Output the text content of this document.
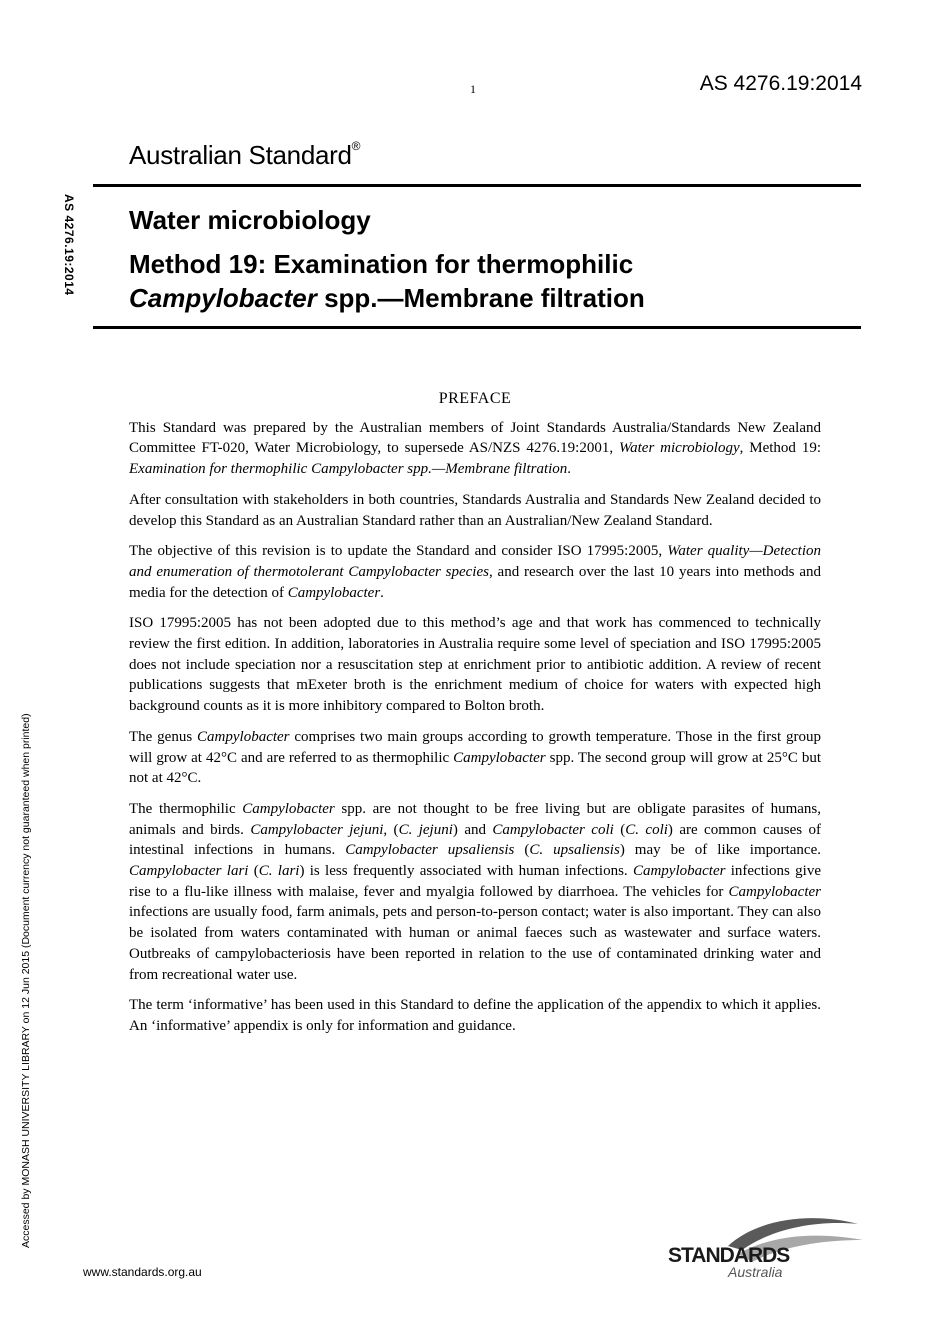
1	AS 4276.19:2014
Australian Standard®
AS 4276.19:2014 Water microbiology
Method 19: Examination for thermophilic
Campylobacter spp.—Membrane filtration
Accessed by MONASH UNIVERSITY LIBRARY on 12 Jun 2015 (Document currency not guaranteed when printed)
PREFACE

This Standard was prepared by the Australian members of Joint Standards Australia/Standards New Zealand Committee FT-020, Water Microbiology, to supersede AS/NZS 4276.19:2001, Water microbiology, Method 19: Examination for thermophilic Campylobacter spp.—Membrane filtration.

After consultation with stakeholders in both countries, Standards Australia and Standards New Zealand decided to develop this Standard as an Australian Standard rather than an Australian/New Zealand Standard.

The objective of this revision is to update the Standard and consider ISO 17995:2005, Water quality—Detection and enumeration of thermotolerant Campylobacter species, and research over the last 10 years into methods and media for the detection of Campylobacter.

ISO 17995:2005 has not been adopted due to this method’s age and that work has commenced to technically review the first edition. In addition, laboratories in Australia require some level of speciation and ISO 17995:2005 does not include speciation nor a resuscitation step at enrichment prior to antibiotic addition. A review of recent publications suggests that mExeter broth is the enrichment medium of choice for waters with expected high background counts as it is more inhibitory compared to Bolton broth.

The genus Campylobacter comprises two main groups according to growth temperature. Those in the first group will grow at 42°C and are referred to as thermophilic Campylobacter spp. The second group will grow at 25°C but not at 42°C.

The thermophilic Campylobacter spp. are not thought to be free living but are obligate parasites of humans, animals and birds. Campylobacter jejuni, (C. jejuni) and Campylobacter coli (C. coli) are common causes of intestinal infections in humans. Campylobacter upsaliensis (C. upsaliensis) may be of like importance. Campylobacter lari (C. lari) is less frequently associated with human infections. Campylobacter infections give rise to a flu-like illness with malaise, fever and myalgia followed by diarrhoea. The vehicles for Campylobacter infections are usually food, farm animals, pets and person-to-person contact; water is also important. They can also be isolated from waters contaminated with human or animal faeces such as wastewater and surface waters. Outbreaks of campylobacteriosis have been reported in relation to the use of contaminated drinking water and from recreational water use.

The term ‘informative’ has been used in this Standard to define the application of the appendix to which it applies. An ‘informative’ appendix is only for information and guidance.

www.standards.org.au
STANDARDS
Australia
